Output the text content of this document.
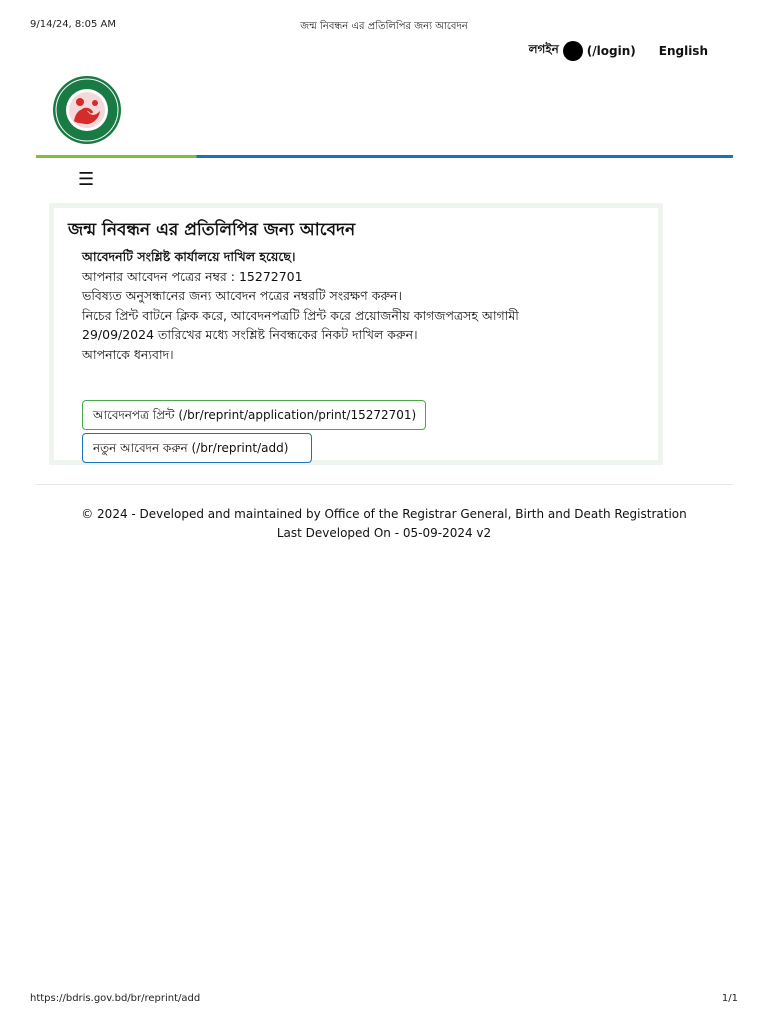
9/14/24, 8:05 AM	জন্ম নিবন্ধন এর প্রতিলিপির জন্য আবেদন
লগইন (/login) English
☰
জন্ম নিবন্ধন এর প্রতিলিপির জন্য আবেদন

আবেদনটি সংশ্লিষ্ট কার্যালয়ে দাখিল হয়েছে।

আপনার আবেদন পত্রের নম্বর : 15272701

ভবিষ্যত অনুসন্ধানের জন্য আবেদন পত্রের নম্বরটি সংরক্ষণ করুন।

নিচের প্রিন্ট বাটনে ক্লিক করে, আবেদনপত্রটি প্রিন্ট করে প্রয়োজনীয় কাগজপত্রসহ আগামী

29/09/2024 তারিখের মধ্যে সংশ্লিষ্ট নিবন্ধকের নিকট দাখিল করুন।

আপনাকে ধন্যবাদ।

আবেদনপত্র প্রিন্ট (/br/reprint/application/print/15272701)
নতুন আবেদন করুন (/br/reprint/add)
© 2024 - Developed and maintained by Office of the Registrar General, Birth and Death Registration
Last Developed On - 05-09-2024 v2
https://bdris.gov.bd/br/reprint/add	1/1
